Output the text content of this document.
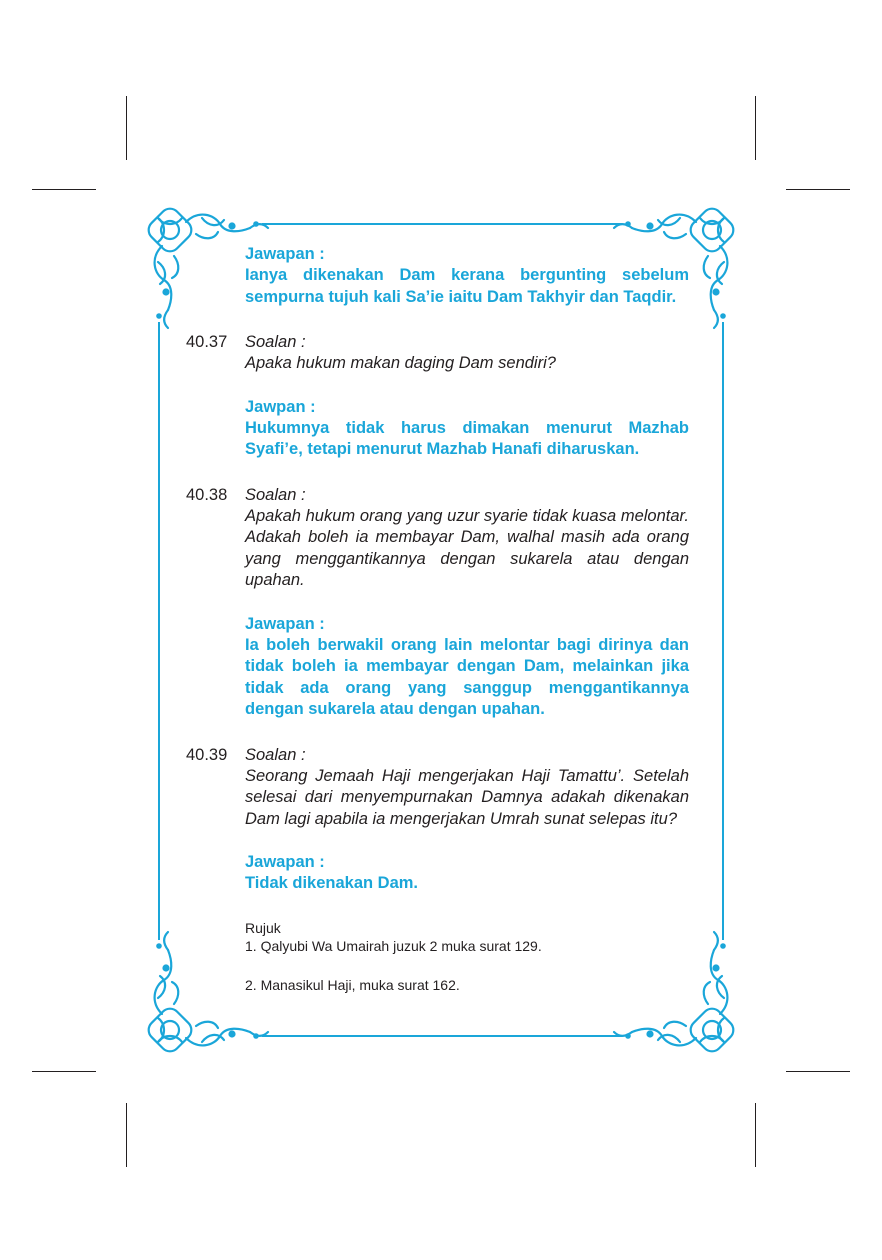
Jawapan :
Ianya dikenakan Dam kerana bergunting sebelum sempurna tujuh kali Sa’ie iaitu Dam Takhyir dan Taqdir.
40.37 Soalan :
Apaka hukum makan daging Dam sendiri?
Jawpan :
Hukumnya tidak harus dimakan menurut Mazhab Syafi’e, tetapi menurut Mazhab Hanafi diharuskan.
40.38 Soalan :
Apakah hukum orang yang uzur syarie tidak kuasa melontar. Adakah boleh ia membayar Dam, walhal masih ada orang yang menggantikannya dengan sukarela atau dengan upahan.
Jawapan :
Ia boleh berwakil orang lain melontar bagi dirinya dan tidak boleh ia membayar dengan Dam, melainkan jika tidak ada orang yang sanggup menggantikannya dengan sukarela atau dengan upahan.
40.39 Soalan :
Seorang Jemaah Haji mengerjakan Haji Tamattu’. Setelah selesai dari menyempurnakan Damnya adakah dikenakan Dam lagi apabila ia mengerjakan Umrah sunat selepas itu?
Jawapan :
Tidak dikenakan Dam.
Rujuk
1. Qalyubi Wa Umairah juzuk 2 muka surat 129.
2. Manasikul Haji, muka surat 162.
